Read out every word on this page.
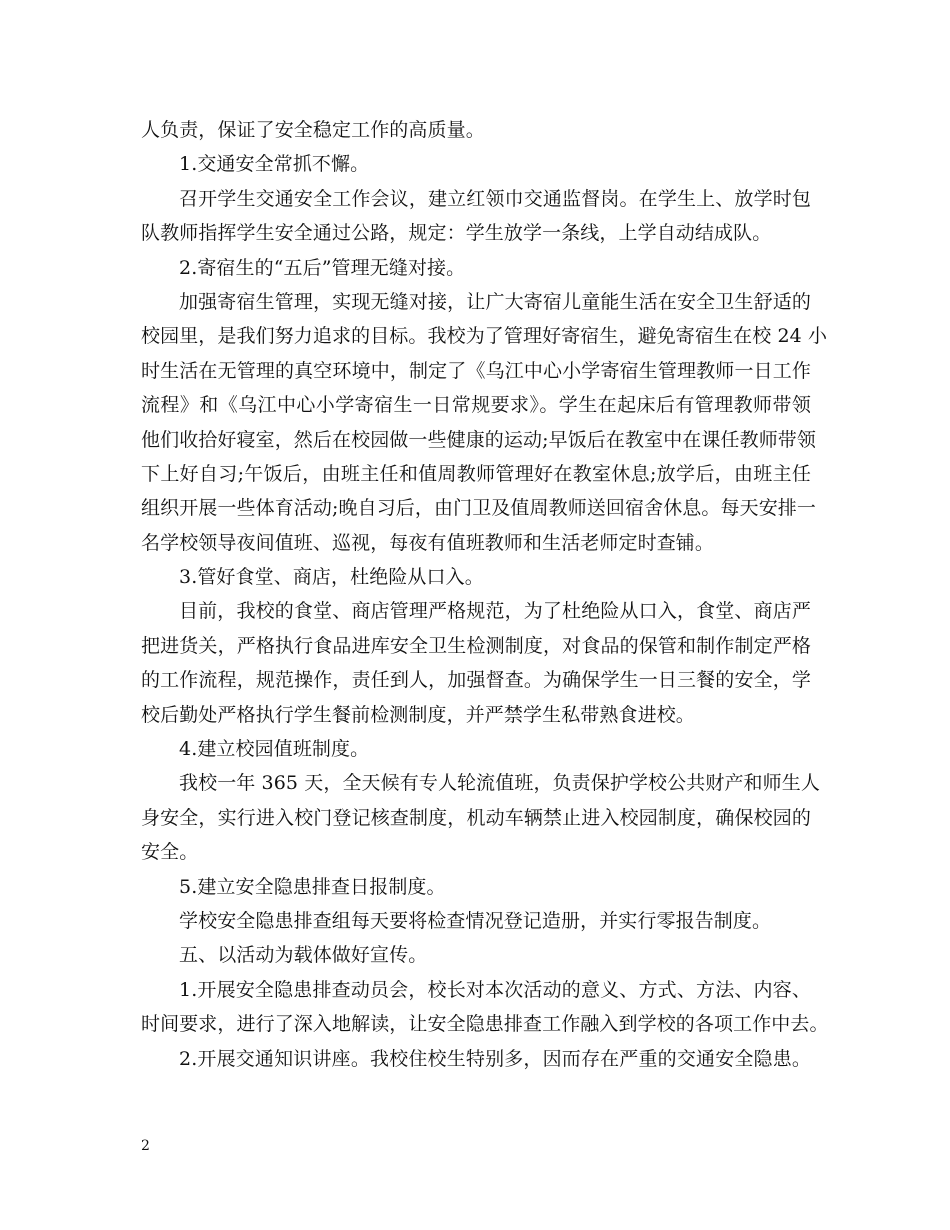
人负责，保证了安全稳定工作的高质量。
1.交通安全常抓不懈。
召开学生交通安全工作会议，建立红领巾交通监督岗。在学生上、放学时包
队教师指挥学生安全通过公路，规定：学生放学一条线，上学自动结成队。
2.寄宿生的“五后”管理无缝对接。
加强寄宿生管理，实现无缝对接，让广大寄宿儿童能生活在安全卫生舒适的
校园里，是我们努力追求的目标。我校为了管理好寄宿生，避免寄宿生在校 24 小
时生活在无管理的真空环境中，制定了《乌江中心小学寄宿生管理教师一日工作
流程》和《乌江中心小学寄宿生一日常规要求》。学生在起床后有管理教师带领
他们收拾好寝室，然后在校园做一些健康的运动;早饭后在教室中在课任教师带领
下上好自习;午饭后，由班主任和值周教师管理好在教室休息;放学后，由班主任
组织开展一些体育活动;晚自习后，由门卫及值周教师送回宿舍休息。每天安排一
名学校领导夜间值班、巡视，每夜有值班教师和生活老师定时查铺。
3.管好食堂、商店，杜绝险从口入。
目前，我校的食堂、商店管理严格规范，为了杜绝险从口入，食堂、商店严
把进货关，严格执行食品进库安全卫生检测制度，对食品的保管和制作制定严格
的工作流程，规范操作，责任到人，加强督查。为确保学生一日三餐的安全，学
校后勤处严格执行学生餐前检测制度，并严禁学生私带熟食进校。
4.建立校园值班制度。
我校一年 365 天，全天候有专人轮流值班，负责保护学校公共财产和师生人
身安全，实行进入校门登记核查制度，机动车辆禁止进入校园制度，确保校园的
安全。
5.建立安全隐患排查日报制度。
学校安全隐患排查组每天要将检查情况登记造册，并实行零报告制度。
五、以活动为载体做好宣传。
1.开展安全隐患排查动员会，校长对本次活动的意义、方式、方法、内容、
时间要求，进行了深入地解读，让安全隐患排查工作融入到学校的各项工作中去。
2.开展交通知识讲座。我校住校生特别多，因而存在严重的交通安全隐患。
2
